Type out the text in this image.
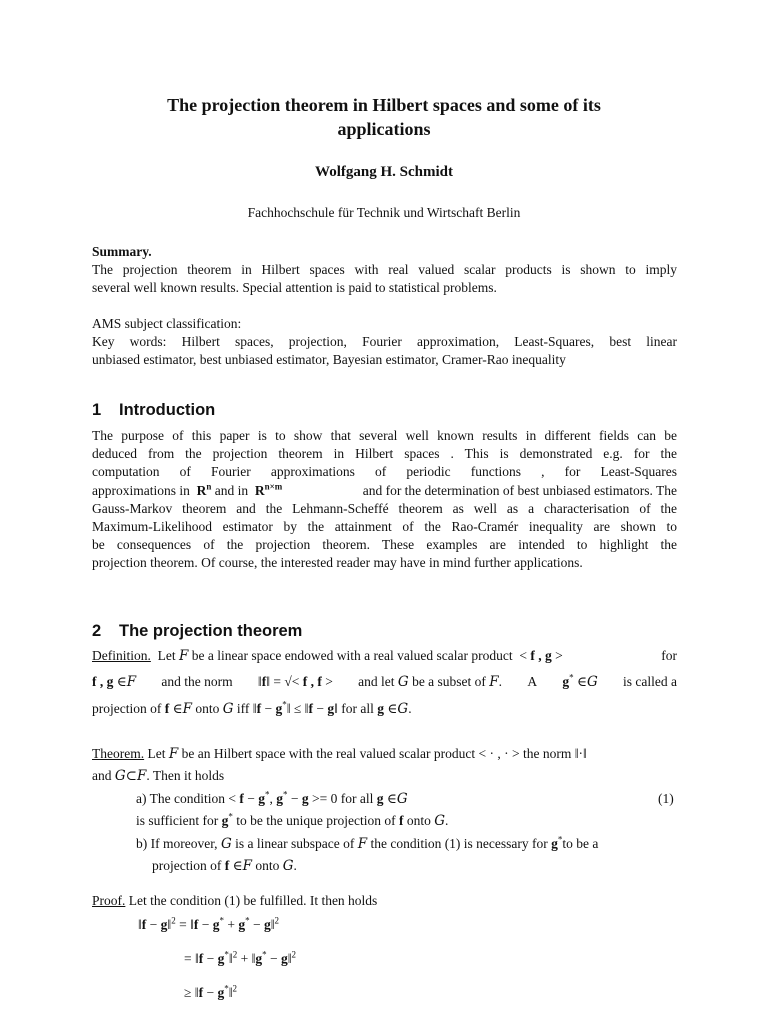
The projection theorem in Hilbert spaces and some of its
applications
Wolfgang H. Schmidt
Fachhochschule für Technik und Wirtschaft Berlin
Summary.
The projection theorem in Hilbert spaces with real valued scalar products is shown to imply
several well known results. Special attention is paid to statistical problems.
AMS subject classification:
Key words: Hilbert spaces, projection, Fourier approximation, Least-Squares, best linear
unbiased estimator, best unbiased estimator, Bayesian estimator, Cramer-Rao inequality
1 Introduction
The purpose of this paper is to show that several well known results in different fields can be
deduced from the projection theorem in Hilbert spaces . This is demonstrated e.g. for the
computation of Fourier approximations of periodic functions , for Least-Squares
approximations in $R^n$ and in $R^{n\times m}$	and for the determination of best unbiased estimators. The
Gauss-Markov theorem and the Lehmann-Scheffé theorem as well as a characterisation of the
Maximum-Likelihood estimator by the attainment of the Rao-Cramér inequality are shown to
be consequences of the projection theorem. These examples are intended to highlight the
projection theorem. Of course, the interested reader may have in mind further applications.
2 The projection theorem
Definition. Let F be a linear space endowed with a real valued scalar product < f , g >	for
f , g ∈F and the norm ‖f‖ = √< f , f > and let G be a subset of F. A g* ∈G is called a
projection of f ∈F onto G iff ‖f − g*‖ ≤ ‖f − g‖ for all g ∈G.
Theorem. Let F be an Hilbert space with the real valued scalar product < · , · > the norm ‖·‖
and G⊂F. Then it holds
a) The condition < f − g*, g* − g >= 0 for all g ∈G	(1)
is sufficient for g* to be the unique projection of f onto G.
b) If moreover, G is a linear subspace of F the condition (1) is necessary for g*to be a
projection of f ∈F onto G.
Proof. Let the condition (1) be fulfilled. It then holds
‖f − g‖$^2$ = ‖f − g* + g* − g‖$^2$
= ‖f − g*‖$^2$ + ‖g* − g‖$^2$
≥ ‖f − g*‖$^2$
